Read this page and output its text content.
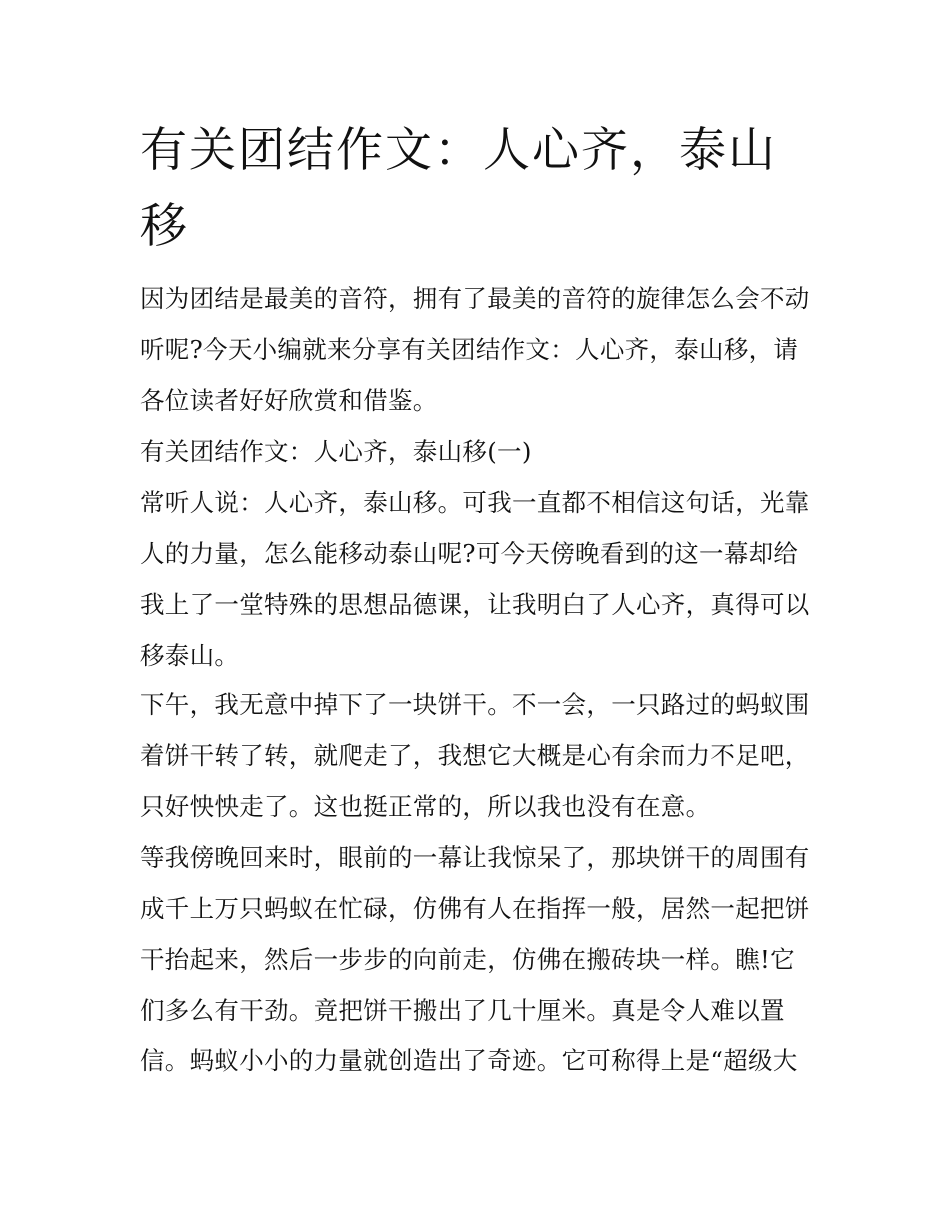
有关团结作文：人心齐，泰山移

因为团结是最美的音符，拥有了最美的音符的旋律怎么会不动

听呢?今天小编就来分享有关团结作文：人心齐，泰山移，请

各位读者好好欣赏和借鉴。

有关团结作文：人心齐，泰山移(一)

常听人说：人心齐，泰山移。可我一直都不相信这句话，光靠

人的力量，怎么能移动泰山呢?可今天傍晚看到的这一幕却给

我上了一堂特殊的思想品德课，让我明白了人心齐，真得可以

移泰山。

下午，我无意中掉下了一块饼干。不一会，一只路过的蚂蚁围

着饼干转了转，就爬走了，我想它大概是心有余而力不足吧，

只好怏怏走了。这也挺正常的，所以我也没有在意。

等我傍晚回来时，眼前的一幕让我惊呆了，那块饼干的周围有

成千上万只蚂蚁在忙碌，仿佛有人在指挥一般，居然一起把饼

干抬起来，然后一步步的向前走，仿佛在搬砖块一样。瞧!它

们多么有干劲。竟把饼干搬出了几十厘米。真是令人难以置

信。蚂蚁小小的力量就创造出了奇迹。它可称得上是“超级大
